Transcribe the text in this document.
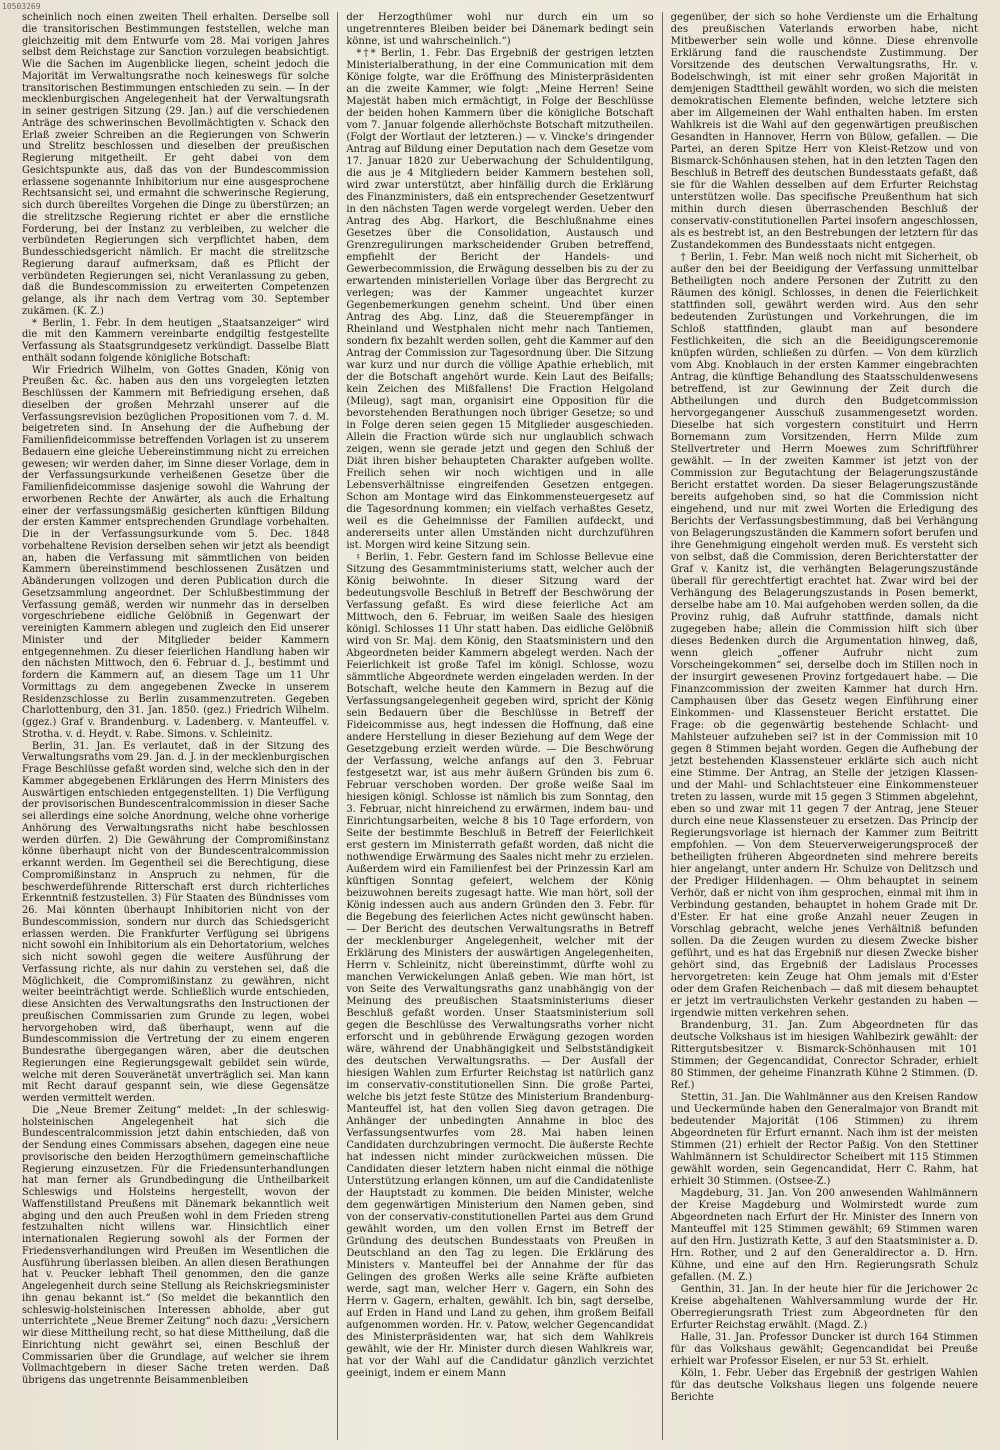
10503269

scheinlich noch einen zweiten Theil erhalten. Derselbe soll die transitorischen Bestimmungen feststellen, welche man gleichzeitig mit dem Entwurfe vom 28. Mai vorigen Jahres selbst dem Reichstage zur Sanction vorzulegen beabsichtigt. Wie die Sachen im Augenblicke liegen, scheint jedoch die Majorität im Verwaltungsrathe noch keineswegs für solche transitorischen Bestimmungen entschieden zu sein. — In der mecklenburgischen Angelegenheit hat der Verwaltungsrath in seiner gestrigen Sitzung (29. Jan.) auf die verschiedenen Anträge des schwerinschen Bevollmächtigten v. Schack den Erlaß zweier Schreiben an die Regierungen von Schwerin und Strelitz beschlossen und dieselben der preußischen Regierung mitgetheilt. Er geht dabei von dem Gesichtspunkte aus, daß das von der Bundescommission erlassene sogenannte Inhibitorium nur eine ausgesprochene Rechtsansicht sei, und ermahnt die schwerinsche Regierung, sich durch übereiltes Vorgehen die Dinge zu überstürzen; an die strelitzsche Regierung richtet er aber die ernstliche Forderung, bei der Instanz zu verbleiben, zu welcher die verbündeten Regierungen sich verpflichtet haben, dem Bundesschiedsgericht nämlich. Er macht die strelitzsche Regierung darauf aufmerksam, daß es Pflicht der verbündeten Regierungen sei, nicht Veranlassung zu geben, daß die Bundescommission zu erweiterten Competenzen gelange, als ihr nach dem Vertrag vom 30. September zukämen. (K. Z.)

* Berlin, 1. Febr. In dem heutigen „Staatsanzeiger“ wird die mit den Kammern vereinbarte endgiltig festgestellte Verfassung als Staatsgrundgesetz verkündigt. Dasselbe Blatt enthält sodann folgende königliche Botschaft:

Wir Friedrich Wilhelm, von Gottes Gnaden, König von Preußen &c. &c. haben aus den uns vorgelegten letzten Beschlüssen der Kammern mit Befriedigung ersehen, daß dieselben der großen Mehrzahl unserer auf die Verfassungsrevision bezüglichen Propositionen vom 7. d. M. beigetreten sind. In Ansehung der die Aufhebung der Familienfideicommisse betreffenden Vorlagen ist zu unserem Bedauern eine gleiche Uebereinstimmung nicht zu erreichen gewesen; wir werden daher, im Sinne dieser Vorlage, dem in der Verfassungsurkunde verheißenen Gesetze über die Familienfideicommisse dasjenige sowohl die Wahrung der erworbenen Rechte der Anwärter, als auch die Erhaltung einer der verfassungsmäßig gesicherten künftigen Bildung der ersten Kammer entsprechenden Grundlage vorbehalten. Die in der Verfassungsurkunde vom 5. Dec. 1848 vorbehaltene Revision derselben sehen wir jetzt als beendigt an, haben die Verfassung mit sämmtlichen von beiden Kammern übereinstimmend beschlossenen Zusätzen und Abänderungen vollzogen und deren Publication durch die Gesetzsammlung angeordnet. Der Schlußbestimmung der Verfassung gemäß, werden wir nunmehr das in derselben vorgeschriebene eidliche Gelöbniß in Gegenwart der vereinigten Kammern ablegen und zugleich den Eid unserer Minister und der Mitglieder beider Kammern entgegennehmen. Zu dieser feierlichen Handlung haben wir den nächsten Mittwoch, den 6. Februar d. J., bestimmt und fordern die Kammern auf, an diesem Tage um 11 Uhr Vormittags zu dem angegebenen Zwecke in unserem Residenzschlosse zu Berlin zusammenzutreten. Gegeben Charlottenburg, den 31. Jan. 1850. (gez.) Friedrich Wilhelm. (ggez.) Graf v. Brandenburg. v. Ladenberg. v. Manteuffel. v. Strotha. v. d. Heydt. v. Rabe. Simons. v. Schleinitz.

Berlin, 31. Jan. Es verlautet, daß in der Sitzung des Verwaltungsraths vom 29. Jan. d. J. in der mecklenburgischen Frage Beschlüsse gefaßt worden sind, welche sich den in der Kammer abgegebenen Erklärungen des Herrn Ministers des Auswärtigen entschieden entgegenstellten. 1) Die Verfügung der provisorischen Bundescentralcommission in dieser Sache sei allerdings eine solche Anordnung, welche ohne vorherige Anhörung des Verwaltungsraths nicht habe beschlossen werden dürfen. 2) Die Gewährung der Compromißinstanz könne überhaupt nicht von der Bundescentralcommission erkannt werden. Im Gegentheil sei die Berechtigung, diese Compromißinstanz in Anspruch zu nehmen, für die beschwerdeführende Ritterschaft erst durch richterliches Erkenntniß festzustellen. 3) Für Staaten des Bündnisses vom 26. Mai könnten überhaupt Inhibitorien nicht von der Bundescommission, sondern nur durch das Schiedsgericht erlassen werden. Die Frankfurter Verfügung sei übrigens nicht sowohl ein Inhibitorium als ein Dehortatorium, welches sich nicht sowohl gegen die weitere Ausführung der Verfassung richte, als nur dahin zu verstehen sei, daß die Möglichkeit, die Compromißinstanz zu gewähren, nicht weiter beeinträchtigt werde. Schließlich wurde entschieden, diese Ansichten des Verwaltungsraths den Instructionen der preußischen Commissarien zum Grunde zu legen, wobei hervorgehoben wird, daß überhaupt, wenn auf die Bundescommission die Vertretung der zu einem engeren Bundesrathe übergegangen wären, aber die deutschen Regierungen eine Regierungsgewalt gebildet sein würde, welche mit deren Souveränetät unverträglich sei. Man kann mit Recht darauf gespannt sein, wie diese Gegensätze werden vermittelt werden.

Die „Neue Bremer Zeitung“ meldet: „In der schleswig-holsteinischen Angelegenheit hat sich die Bundescentralcommission jetzt dahin entschieden, daß von der Sendung eines Commissars absehen, dagegen eine neue provisorische den beiden Herzogthümern gemeinschaftliche Regierung einzusetzen. Für die Friedensunterhandlungen hat man ferner als Grundbedingung die Untheilbarkeit Schleswigs und Holsteins hergestellt, wovon der Waffenstillstand Preußens mit Dänemark bekanntlich weit abging und den auch Preußen wohl in dem Frieden streng festzuhalten nicht willens war. Hinsichtlich einer internationalen Regierung sowohl als der Formen der Friedensverhandlungen wird Preußen im Wesentlichen die Ausführung überlassen bleiben. An allen diesen Berathungen hat v. Peucker lebhaft Theil genommen, den die ganze Angelegenheit durch seine Stellung als Reichskriegsminister ihn genau bekannt ist.“ (So meldet die bekanntlich den schleswig-holsteinischen Interessen abholde, aber gut unterrichtete „Neue Bremer Zeitung“ noch dazu: „Versichern wir diese Mittheilung recht, so hat diese Mittheilung, daß die Einrichtung nicht gewährt sei, einen Beschluß der Commissarien über die Grundlage, auf welcher sie ihrem Vollmachtgebern in dieser Sache treten werden. Daß übrigens das ungetrennte Beisammenbleiben

der Herzogthümer wohl nur durch ein um so ungetrennteres Bleiben beider bei Dänemark bedingt sein könne, ist und wahrscheinlich.“)

*†* Berlin, 1. Febr. Das Ergebniß der gestrigen letzten Ministerialberathung, in der eine Communication mit dem Könige folgte, war die Eröffnung des Ministerpräsidenten an die zweite Kammer, wie folgt: „Meine Herren! Seine Majestät haben mich ermächtigt, in Folge der Beschlüsse der beiden hohen Kammern über die königliche Botschaft vom 7. Januar folgende allerhöchste Botschaft mitzutheilen. (Folgt der Wortlaut der letzteren.) — v. Vincke's dringender Antrag auf Bildung einer Deputation nach dem Gesetze vom 17. Januar 1820 zur Ueberwachung der Schuldentilgung, die aus je 4 Mitgliedern beider Kammern bestehen soll, wird zwar unterstützt, aber hinfällig durch die Erklärung des Finanzministers, daß ein entsprechender Gesetzentwurf in den nächsten Tagen werde vorgelegt werden. Ueber den Antrag des Abg. Harkort, die Beschlußnahme eines Gesetzes über die Consolidation, Austausch und Grenzregulirungen markscheidender Gruben betreffend, empfiehlt der Bericht der Handels- und Gewerbecommission, die Erwägung desselben bis zu der zu erwartenden ministeriellen Vorlage über das Bergrecht zu verlegen; was der Kammer ungeachtet kurzer Gegenbemerkungen genehm scheint. Und über einen Antrag des Abg. Linz, daß die Steuerempfänger in Rheinland und Westphalen nicht mehr nach Tantiemen, sondern fix bezahlt werden sollen, geht die Kammer auf den Antrag der Commission zur Tagesordnung über. Die Sitzung war kurz und nur durch die völlige Apathie erheblich, mit der die Botschaft angehört wurde. Kein Laut des Beifalls; kein Zeichen des Mißfallens! Die Fraction Helgoland (Mileug), sagt man, organisirt eine Opposition für die bevorstehenden Berathungen noch übriger Gesetze; so und in Folge deren seien gegen 15 Mitglieder ausgeschieden. Allein die Fraction würde sich nur unglaublich schwach zeigen, wenn sie gerade jetzt und gegen den Schluß der Diät ihren bisher behaupteten Charakter aufgeben wollte. Freilich sehen wir noch wichtigen und in alle Lebensverhältnisse eingreifenden Gesetzen entgegen. Schon am Montage wird das Einkommensteuergesetz auf die Tagesordnung kommen; ein vielfach verhaßtes Gesetz, weil es die Geheimnisse der Familien aufdeckt, und andererseits unter allen Umständen nicht durchzuführen ist. Morgen wird keine Sitzung sein.

♮ Berlin, 1. Febr. Gestern fand im Schlosse Bellevue eine Sitzung des Gesammtministeriums statt, welcher auch der König beiwohnte. In dieser Sitzung ward der bedeutungsvolle Beschluß in Betreff der Beschwörung der Verfassung gefaßt. Es wird diese feierliche Act am Mittwoch, den 6. Februar, im weißen Saale des hiesigen königl. Schlosses 11 Uhr statt haben. Das eidliche Gelöbniß wird von Sr. Maj. dem König, den Staatsministern und den Abgeordneten beider Kammern abgelegt werden. Nach der Feierlichkeit ist große Tafel im königl. Schlosse, wozu sämmtliche Abgeordnete werden eingeladen werden. In der Botschaft, welche heute den Kammern in Bezug auf die Verfassungsangelegenheit gegeben wird, spricht der König sein Bedauern über die Beschlüsse in Betreff der Fideicommisse aus, hegt indessen die Hoffnung, daß eine andere Herstellung in dieser Beziehung auf dem Wege der Gesetzgebung erzielt werden würde. — Die Beschwörung der Verfassung, welche anfangs auf den 3. Februar festgesetzt war, ist aus mehr äußern Gründen bis zum 6. Februar verschoben worden. Der große weiße Saal im hiesigen königl. Schlosse ist nämlich bis zum Sonntag, den 3. Februar, nicht hinreichend zu erwärmen, indem bau- und Einrichtungsarbeiten, welche 8 bis 10 Tage erfordern, von Seite der bestimmte Beschluß in Betreff der Feierlichkeit erst gestern im Ministerrath gefaßt worden, daß nicht die nothwendige Erwärmung des Saales nicht mehr zu erzielen. Außerdem wird ein Familienfest bei der Prinzessin Karl am künftigen Sonntag gefeiert, welchem der König beizuwohnen bereits zugesagt hatte. Wie man hört, soll der König indessen auch aus andern Gründen den 3. Febr. für die Begebung des feierlichen Actes nicht gewünscht haben. — Der Bericht des deutschen Verwaltungsraths in Betreff der mecklenburger Angelegenheit, welcher mit der Erklärung des Ministers der auswärtigen Angelegenheiten, Herrn v. Schleinitz, nicht übereinstimmt, dürfte wohl zu manchen Verwickelungen Anlaß geben. Wie man hört, ist von Seite des Verwaltungsraths ganz unabhängig von der Meinung des preußischen Staatsministeriums dieser Beschluß gefaßt worden. Unser Staatsministerium soll gegen die Beschlüsse des Verwaltungsraths vorher nicht erforscht und in gebührende Erwägung gezogen worden wäre, während der Unabhängigkeit und Selbstständigkeit des deutschen Verwaltungsraths. — Der Ausfall der hiesigen Wahlen zum Erfurter Reichstag ist natürlich ganz im conservativ-constitutionellen Sinn. Die große Partei, welche bis jetzt feste Stütze des Ministerium Brandenburg-Manteuffel ist, hat den vollen Sieg davon getragen. Die Anhänger der unbedingten Annahme in bloc des Verfassungsentwurfes vom 28. Mai haben leinen Candidaten durchzubringen vermocht. Die äußerste Rechte hat indessen nicht minder zurückweichen müssen. Die Candidaten dieser letztern haben nicht einmal die nöthige Unterstützung erlangen können, um auf die Candidatenliste der Hauptstadt zu kommen. Die beiden Minister, welche dem gegenwärtigen Ministerium den Namen geben, sind von der conservativ-constitutionellen Partei aus dem Grund gewählt worden, um den vollen Ernst im Betreff der Gründung des deutschen Bundesstaats von Preußen in Deutschland an den Tag zu legen. Die Erklärung des Ministers v. Manteuffel bei der Annahme der für das Gelingen des großen Werks alle seine Kräfte aufbieten werde, sagt man, welcher Herr v. Gagern, ein Sohn des Herrn v. Gagern, erhalten, gewählt. Ich bin, sagt derselbe, auf Erden in Hand und Land zu gehen, ihm großem Beifall aufgenommen worden. Hr. v. Patow, welcher Gegencandidat des Ministerpräsidenten war, hat sich dem Wahlkreis gewählt, wie der Hr. Minister durch diesen Wahlkreis war, hat vor der Wahl auf die Candidatur gänzlich verzichtet geeinigt, indem er einem Mann

gegenüber, der sich so hohe Verdienste um die Erhaltung des preußischen Vaterlands erworben habe, nicht Mitbewerber sein wolle und könne. Diese ehrenvolle Erklärung fand die rauschendste Zustimmung. Der Vorsitzende des deutschen Verwaltungsraths, Hr. v. Bodelschwingh, ist mit einer sehr großen Majorität in demjenigen Stadttheil gewählt worden, wo sich die meisten demokratischen Elemente befinden, welche letztere sich aber im Allgemeinen der Wahl enthalten haben. Im ersten Wahlkreis ist die Wahl auf den gegenwärtigen preußischen Gesandten in Hannover, Herrn von Bülow, gefallen. — Die Partei, an deren Spitze Herr von Kleist-Retzow und von Bismarck-Schönhausen stehen, hat in den letzten Tagen den Beschluß in Betreff des deutschen Bundesstaats gefaßt, daß sie für die Wahlen desselben auf dem Erfurter Reichstag unterstützen wolle. Das specifische Preußenthum hat sich mithin durch diesen überraschenden Beschluß der conservativ-constitutionellen Partei insofern angeschlossen, als es bestrebt ist, an den Bestrebungen der letztern für das Zustandekommen des Bundesstaats nicht entgegen.

† Berlin, 1. Febr. Man weiß noch nicht mit Sicherheit, ob außer den bei der Beeidigung der Verfassung unmittelbar Betheiligten noch andere Personen der Zutritt zu den Räumen des königl. Schlosses, in denen die Feierlichkeit stattfinden soll, gewährt werden wird. Aus den sehr bedeutenden Zurüstungen und Vorkehrungen, die im Schloß stattfinden, glaubt man auf besondere Festlichkeiten, die sich an die Beeidigungsceremonie knüpfen würden, schließen zu dürfen. — Von dem kürzlich vom Abg. Knoblauch in der ersten Kammer eingebrachten Antrag, die künftige Behandlung des Staatsschuldenwesens betreffend, ist zur Gewinnung der Zeit durch die Abtheilungen und durch den Budgetcommission hervorgegangener Ausschuß zusammengesetzt worden. Dieselbe hat sich vorgestern constituirt und Herrn Bornemann zum Vorsitzenden, Herrn Milde zum Stellvertreter und Herrn Moewes zum Schriftführer gewählt. — In der zweiten Kammer ist jetzt von der Commission zur Begutachtung der Belagerungszustände Bericht erstattet worden. Da sieser Belagerungszustände bereits aufgehoben sind, so hat die Commission nicht eingehend, und nur mit zwei Worten die Erledigung des Berichts der Verfassungsbestimmung, daß bei Verhängung von Belagerungszuständen die Kammern sofort berufen und ihre Genehmigung eingeholt werden muß. Es versteht sich von selbst, daß die Commission, deren Berichterstatter der Graf v. Kanitz ist, die verhängten Belagerungszustände überall für gerechtfertigt erachtet hat. Zwar wird bei der Verhängung des Belagerungszustands in Posen bemerkt, derselbe habe am 10. Mai aufgehoben werden sollen, da die Provinz ruhig, daß Aufruhr stattfinde, damals nicht zugegeben habe; allein die Commission hilft sich über dieses Bedenken durch die Argumentation hinweg, daß, wenn gleich „offener Aufruhr nicht zum Vorscheingekommen“ sei, derselbe doch im Stillen noch in der insurgirt gewesenen Provinz fortgedauert habe. — Die Finanzcommission der zweiten Kammer hat durch Hrn. Camphausen über das Gesetz wegen Einführung einer Einkommen- und Klassensteuer Bericht erstattet. Die Frage: ob die gegenwärtig bestehende Schlacht- und Mahlsteuer aufzuheben sei? ist in der Commission mit 10 gegen 8 Stimmen bejaht worden. Gegen die Aufhebung der jetzt bestehenden Klassensteuer erklärte sich auch nicht eine Stimme. Der Antrag, an Stelle der jetzigen Klassen- und der Mahl- und Schlachtsteuer eine Einkommensteuer treten zu lassen, wurde mit 15 gegen 3 Stimmen abgelehnt, eben so und zwar mit 11 gegen 7 der Antrag, jene Steuer durch eine neue Klassensteuer zu ersetzen. Das Princip der Regierungsvorlage ist hiernach der Kammer zum Beitritt empfohlen. — Von dem Steuerverweigerungsproceß der betheiligten früheren Abgeordneten sind mehrere bereits hier angelangt, unter andern Hr. Schulze von Delitzsch und der Prediger Hildenhagen. — Ohm behauptet in seinem Verhör, daß er nicht von ihm gesprochen, einmal mit ihm in Verbindung gestanden, behauptet in hohem Grade mit Dr. d'Ester. Er hat eine große Anzahl neuer Zeugen in Vorschlag gebracht, welche jenes Verhältniß befunden sollen. Da die Zeugen wurden zu diesem Zwecke bisher geführt, und es hat das Ergebniß nur diesen Zwecke bisher gehört sind, das Ergebniß der Ladislaus Processes hervorgetreten: kein Zeuge hat Ohm jemals mit d'Ester oder dem Grafen Reichenbach — daß mit diesem behauptet er jetzt im vertraulichsten Verkehr gestanden zu haben — irgendwie mitten verkehren sehen.

Brandenburg, 31. Jan. Zum Abgeordneten für das deutsche Volkshaus ist im hiesigen Wahlbezirk gewählt: der Rittergutsbesitzer v. Bismarck-Schönhausen mit 101 Stimmen; der Gegencandidat, Conrector Schrader, erhielt 80 Stimmen, der geheime Finanzrath Kühne 2 Stimmen. (D. Ref.)

Stettin, 31. Jan. Die Wahlmänner aus den Kreisen Randow und Ueckermünde haben den Generalmajor von Brandt mit bedeutender Majorität (106 Stimmen) zu ihrem Abgeordneten für Erfurt ernannt. Nach ihm ist der meisten Stimmen (21) erhielt der Rector Paßig. Von den Stettiner Wahlmännern ist Schuldirector Scheibert mit 115 Stimmen gewählt worden, sein Gegencandidat, Herr C. Rahm, hat erhielt 30 Stimmen. (Ostsee-Z.)

Magdeburg, 31. Jan. Von 200 anwesenden Wahlmännern der Kreise Magdeburg und Wolmirstedt wurde zum Abgeordneten nach Erfurt der Hr. Minister des Innern von Manteuffel mit 125 Stimmen gewählt; 69 Stimmen waren auf den Hrn. Justizrath Kette, 3 auf den Staatsminister a. D. Hrn. Rother, und 2 auf den Generaldirector a. D. Hrn. Kühne, und eine auf den Hrn. Regierungsrath Schulz gefallen. (M. Z.)

Genthin, 31. Jan. In der heute hier für die Jerichower 2c Kreise abgehaltenen Wahlversammlung wurde der Hr. Oberregierungsrath Triest zum Abgeordneten für den Erfurter Reichstag erwählt. (Magd. Z.)

Halle, 31. Jan. Professor Duncker ist durch 164 Stimmen für das Volkshaus gewählt; Gegencandidat bei Preuße erhielt war Professor Eiselen, er nur 53 St. erhielt.

Köln, 1. Febr. Ueber das Ergebniß der gestrigen Wahlen für das deutsche Volkshaus liegen uns folgende neuere Berichte
